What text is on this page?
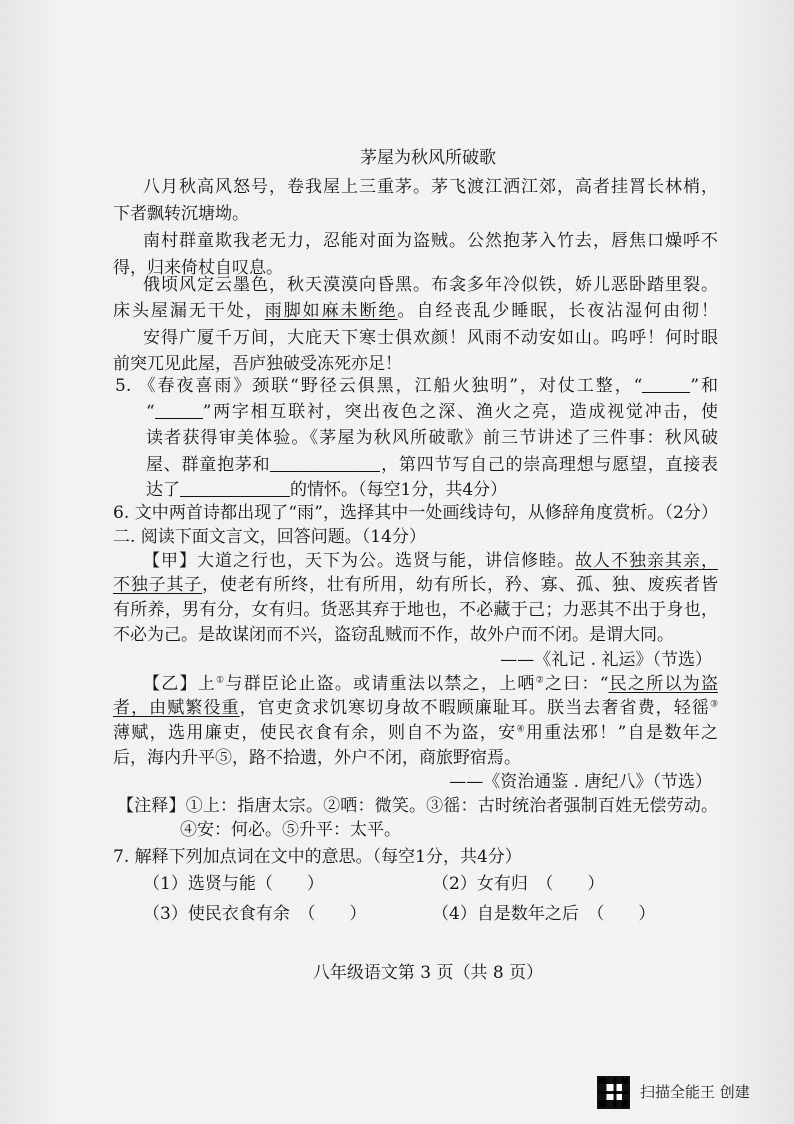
茅屋为秋风所破歌
八月秋高风怒号，卷我屋上三重茅。茅飞渡江洒江郊，高者挂罥长林梢，
下者飘转沉塘坳。
南村群童欺我老无力，忍能对面为盗贼。公然抱茅入竹去，唇焦口燥呼不
得，归来倚杖自叹息。
俄顷风定云墨色，秋天漠漠向昏黑。布衾多年冷似铁，娇儿恶卧踏里裂。
床头屋漏无干处，雨脚如麻未断绝。自经丧乱少睡眠，长夜沾湿何由彻！
安得广厦千万间，大庇天下寒士俱欢颜！风雨不动安如山。呜呼！何时眼
前突兀见此屋，吾庐独破受冻死亦足！
5. 《春夜喜雨》颈联“野径云俱黑，江船火独明”，对仗工整，“	”和
“	”两字相互联衬，突出夜色之深、渔火之亮，造成视觉冲击，使
读者获得审美体验。《茅屋为秋风所破歌》前三节讲述了三件事：秋风破
屋、群童抱茅和	，第四节写自己的崇高理想与愿望，直接表
达了	的情怀。（每空1分，共4分）
6. 文中两首诗都出现了“雨”，选择其中一处画线诗句，从修辞角度赏析。（2分）
二. 阅读下面文言文，回答问题。（14分）
【甲】大道之行也，天下为公。选贤与能，讲信修睦。故人不独亲其亲，
不独子其子，使老有所终，壮有所用，幼有所长，矜、寡、孤、独、废疾者皆
有所养，男有分，女有归。货恶其弃于地也，不必藏于己；力恶其不出于身也，
不必为己。是故谋闭而不兴，盗窃乱贼而不作，故外户而不闭。是谓大同。
——《礼记 . 礼运》（节选）
【乙】上①与群臣论止盗。或请重法以禁之，上哂②之曰：“民之所以为盗
者，由赋繁役重，官吏贪求饥寒切身故不暇顾廉耻耳。朕当去奢省费，轻徭③
薄赋，选用廉吏，使民衣食有余，则自不为盗，安④用重法邪！”自是数年之
后，海内升平⑤，路不拾遗，外户不闭，商旅野宿焉。
——《资治通鉴 . 唐纪八》（节选）
【注释】①上：指唐太宗。②哂：微笑。③徭：古时统治者强制百姓无偿劳动。
④安：何必。⑤升平：太平。
7. 解释下列加点词在文中的意思。（每空1分，共4分）
（1）选贤与能（　　）	（2）女有归　（　　）
（3）使民衣食有余　（　　）	（4）自是数年之后　（　　）
八年级语文第 3 页（共 8 页）
扫描全能王 创建
